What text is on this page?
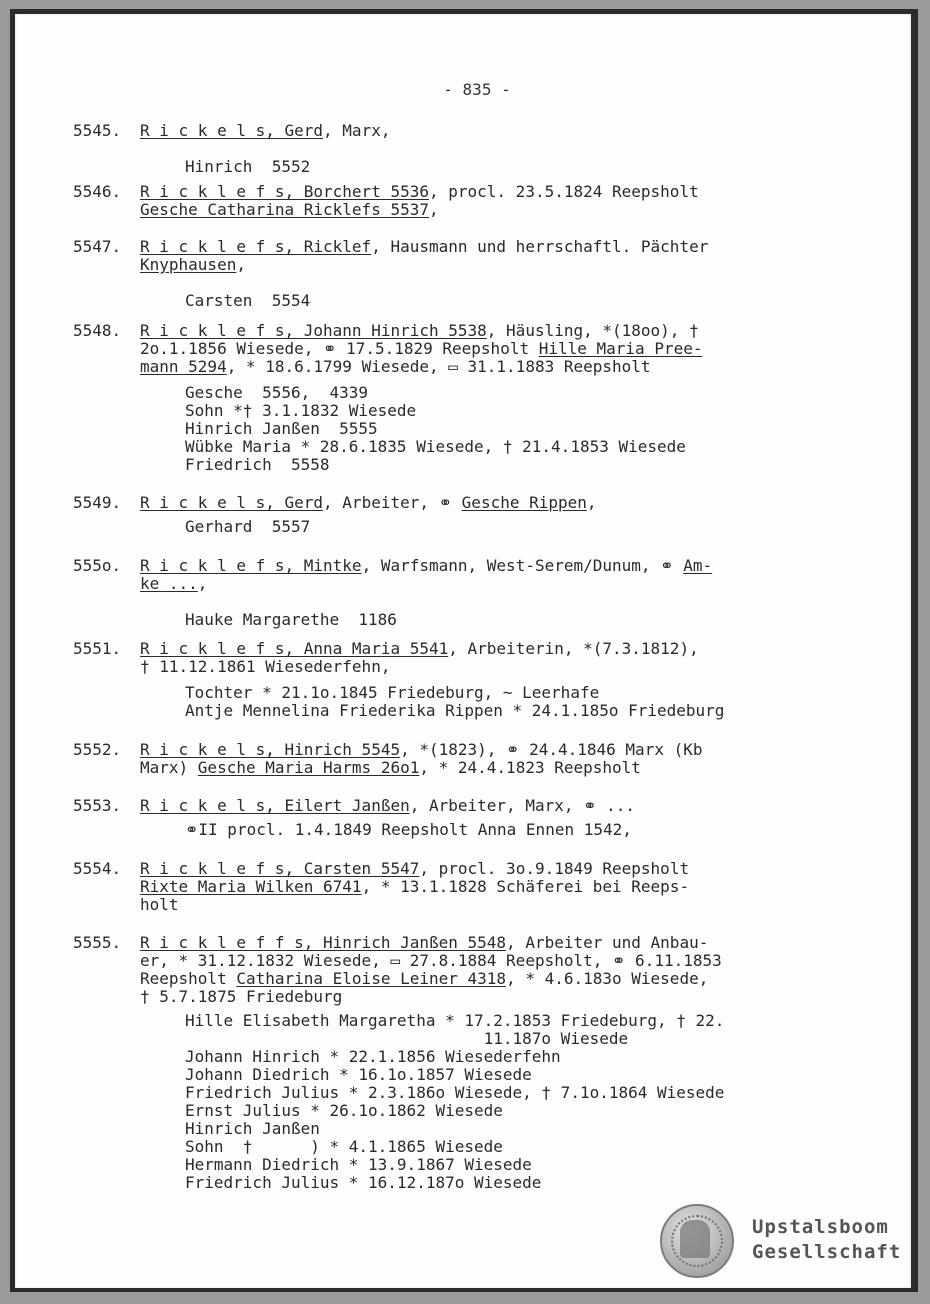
- 835 -
5545.	R i c k e l s, Gerd, Marx,
Hinrich  5552
5546.	R i c k l e f s, Borchert 5536, procl. 23.5.1824 Reepsholt
Gesche Catharina Ricklefs 5537,
5547.	R i c k l e f s, Ricklef, Hausmann und herrschaftl. Pächter
Knyphausen,
Carsten  5554
5548.	R i c k l e f s, Johann Hinrich 5538, Häusling, *(18oo), †
2o.1.1856 Wiesede, ⚭ 17.5.1829 Reepsholt Hille Maria Pree-
mann 5294, * 18.6.1799 Wiesede, ▭ 31.1.1883 Reepsholt
Gesche  5556,  4339
Sohn *† 3.1.1832 Wiesede
Hinrich Janßen  5555
Wübke Maria * 28.6.1835 Wiesede, † 21.4.1853 Wiesede
Friedrich  5558
5549.	R i c k e l s, Gerd, Arbeiter, ⚭ Gesche Rippen,
Gerhard  5557
555o.	R i c k l e f s, Mintke, Warfsmann, West-Serem/Dunum, ⚭ Am-
ke ...,
Hauke Margarethe  1186
5551.	R i c k l e f s, Anna Maria 5541, Arbeiterin, *(7.3.1812),
† 11.12.1861 Wiesederfehn,
Tochter * 21.1o.1845 Friedeburg, ~ Leerhafe
Antje Mennelina Friederika Rippen * 24.1.185o Friedeburg
5552.	R i c k e l s, Hinrich 5545, *(1823), ⚭ 24.4.1846 Marx (Kb
Marx) Gesche Maria Harms 26o1, * 24.4.1823 Reepsholt
5553.	R i c k e l s, Eilert Janßen, Arbeiter, Marx, ⚭ ...
⚭II procl. 1.4.1849 Reepsholt Anna Ennen 1542,
5554.	R i c k l e f s, Carsten 5547, procl. 3o.9.1849 Reepsholt
Rixte Maria Wilken 6741, * 13.1.1828 Schäferei bei Reeps-
holt
5555.	R i c k l e f f s, Hinrich Janßen 5548, Arbeiter und Anbau-
er, * 31.12.1832 Wiesede, ▭ 27.8.1884 Reepsholt, ⚭ 6.11.1853
Reepsholt Catharina Eloise Leiner 4318, * 4.6.183o Wiesede,
† 5.7.1875 Friedeburg
Hille Elisabeth Margaretha * 17.2.1853 Friedeburg, † 22.
11.187o Wiesede
Johann Hinrich * 22.1.1856 Wiesederfehn
Johann Diedrich * 16.1o.1857 Wiesede
Friedrich Julius * 2.3.186o Wiesede, † 7.1o.1864 Wiesede
Ernst Julius * 26.1o.1862 Wiesede
Hinrich Janßen
Sohn  †      ) * 4.1.1865 Wiesede
Hermann Diedrich * 13.9.1867 Wiesede
Friedrich Julius * 16.12.187o Wiesede
Upstalsboom
Gesellschaft
